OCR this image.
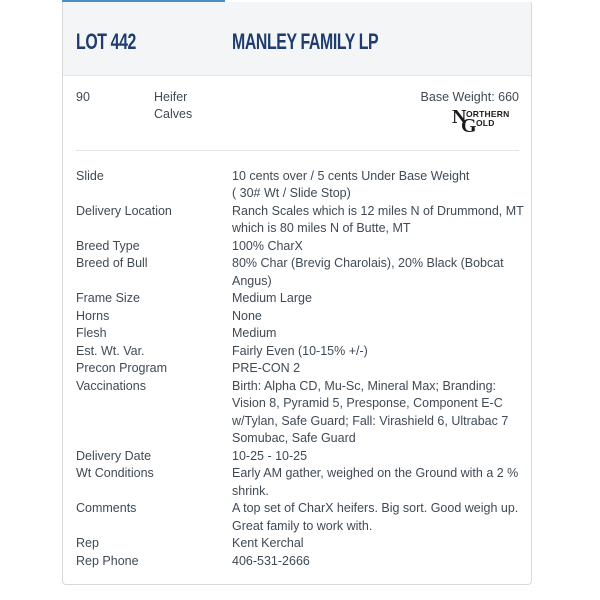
LOT 442	MANLEY FAMILY LP
90	Heifer
Calves
Base Weight: 660
N ORTHERN
G OLD
Slide
Delivery Location
Breed Type
Breed of Bull
Frame Size
Horns
Flesh
Est. Wt. Var.
Precon Program
Vaccinations
Delivery Date
Wt Conditions
Comments
Rep
Rep Phone
10 cents over / 5 cents Under Base Weight
( 30# Wt / Slide Stop)
Ranch Scales which is 12 miles N of Drummond, MT
which is 80 miles N of Butte, MT
100% CharX
80% Char (Brevig Charolais), 20% Black (Bobcat
Angus)
Medium Large
None
Medium
Fairly Even (10-15% +/-)
PRE-CON 2
Birth: Alpha CD, Mu-Sc, Mineral Max; Branding:
Vision 8, Pyramid 5, Presponse, Component E-C
w/Tylan, Safe Guard; Fall: Virashield 6, Ultrabac 7
Somubac, Safe Guard
10-25 - 10-25
Early AM gather, weighed on the Ground with a 2 %
shrink.
A top set of CharX heifers. Big sort. Good weigh up.
Great family to work with.
Kent Kerchal
406-531-2666
